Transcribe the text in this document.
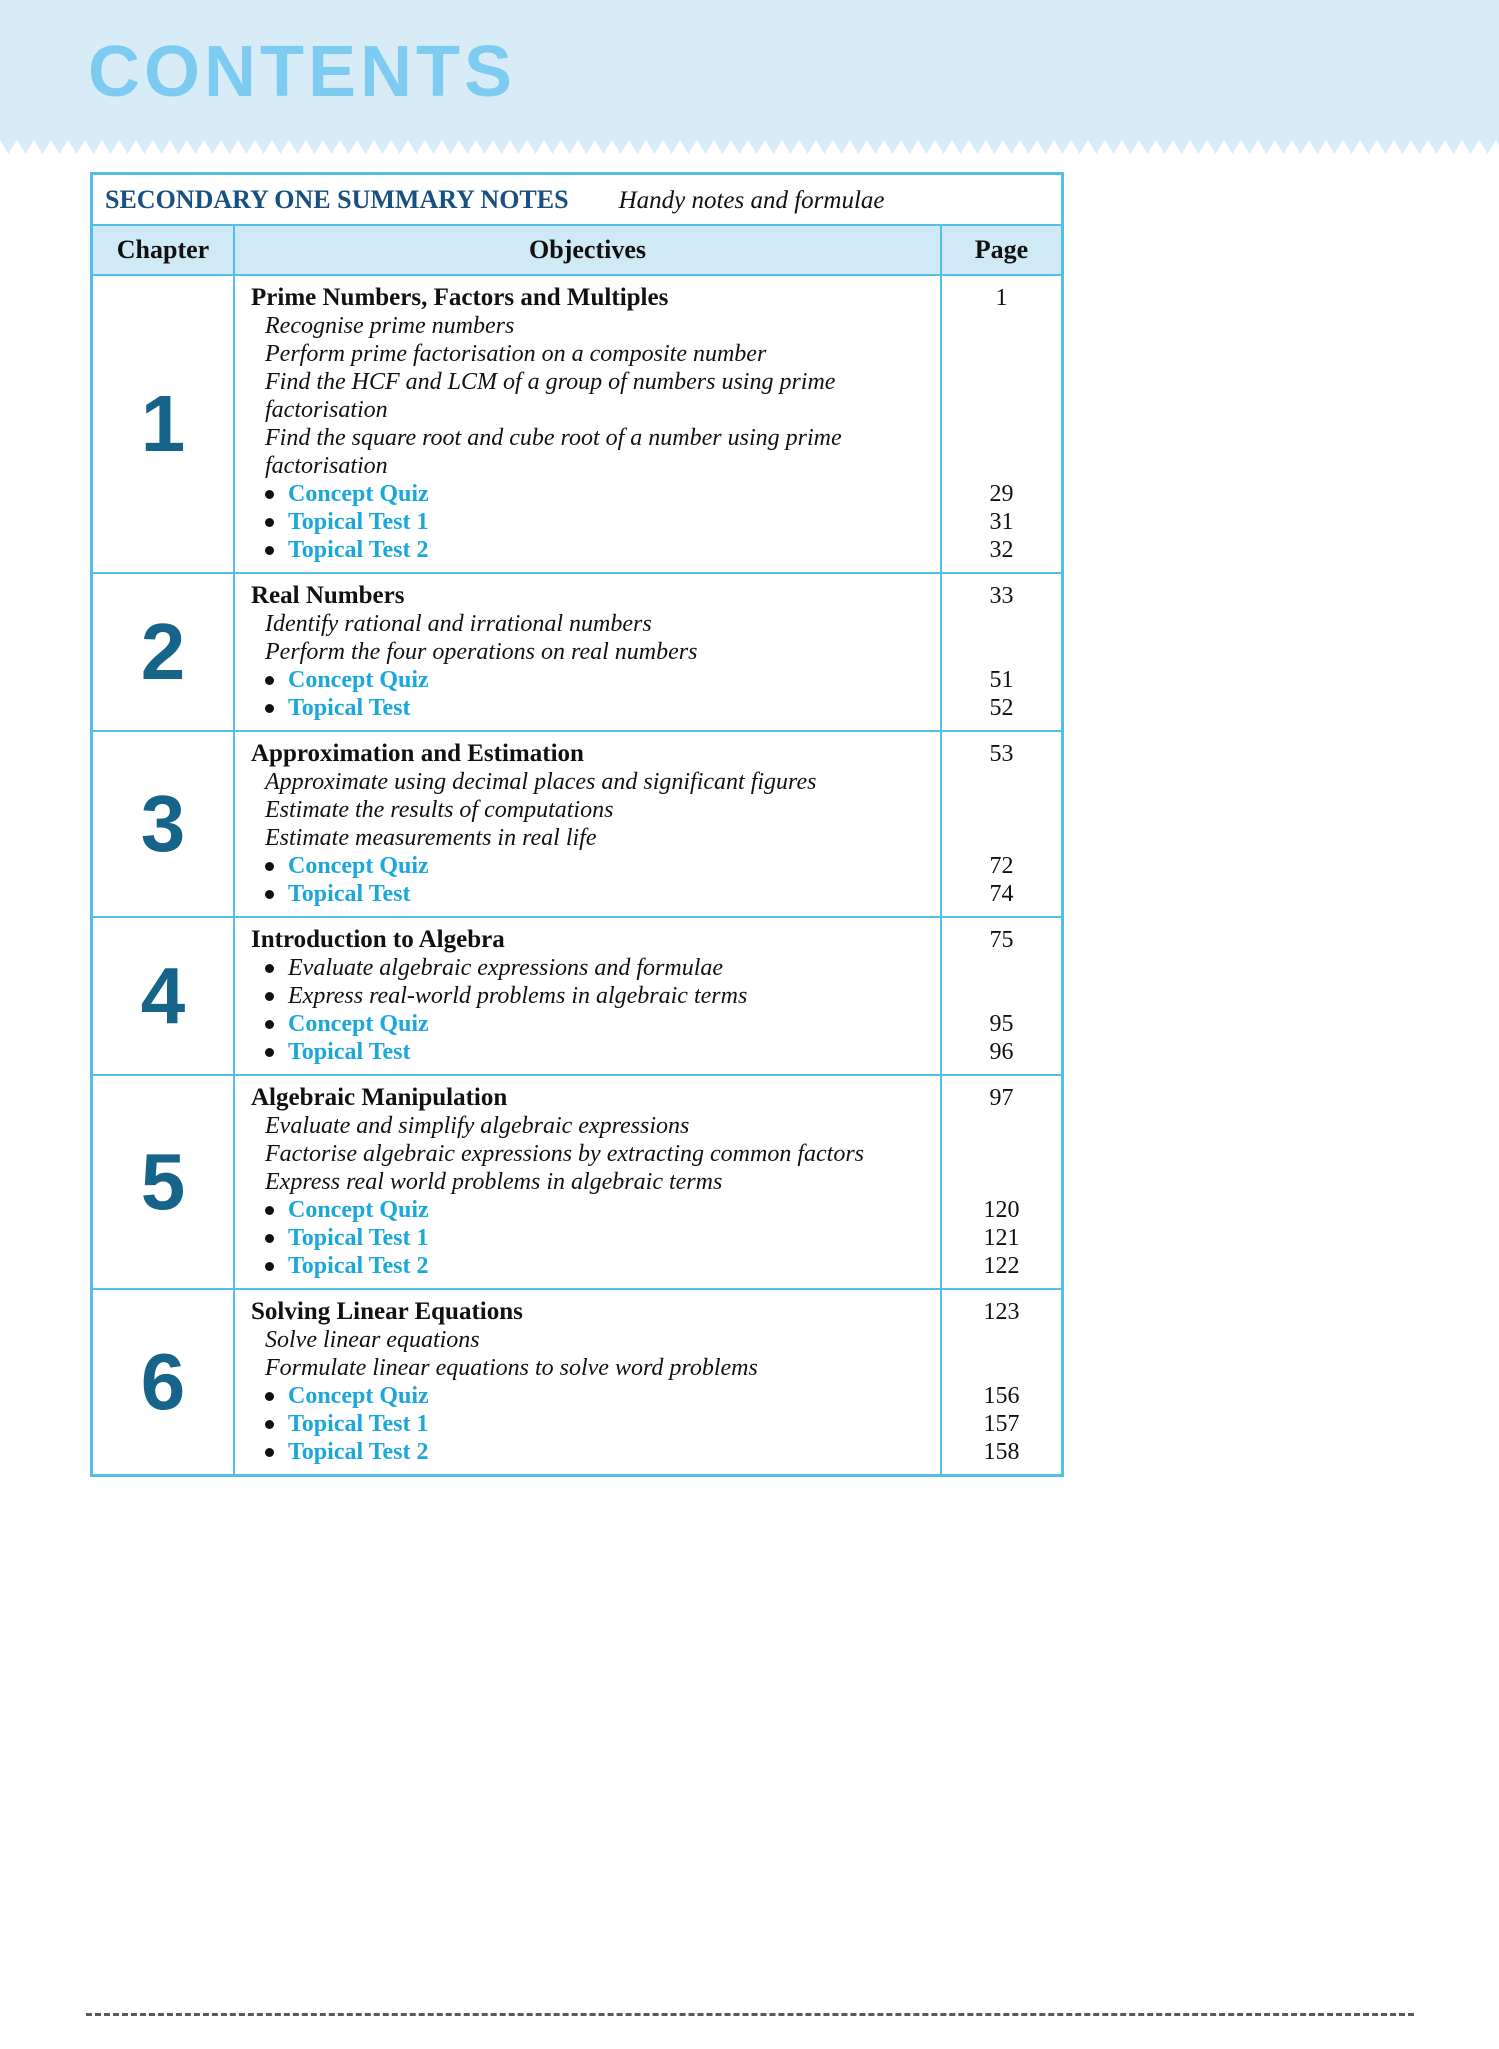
CONTENTS
SECONDARY ONE SUMMARY NOTES Handy notes and formulae
Chapter	Objectives	Page
1
Prime Numbers, Factors and Multiples
Recognise prime numbers
Perform prime factorisation on a composite number
Find the HCF and LCM of a group of numbers using prime
factorisation
Find the square root and cube root of a number using prime
factorisation
Concept Quiz
Topical Test 1
Topical Test 2
1
29
31
32
2
Real Numbers
Identify rational and irrational numbers
Perform the four operations on real numbers
Concept Quiz
Topical Test
33
51
52
3
Approximation and Estimation
Approximate using decimal places and significant figures
Estimate the results of computations
Estimate measurements in real life
Concept Quiz
Topical Test
53
72
74
4
Introduction to Algebra
Evaluate algebraic expressions and formulae
Express real-world problems in algebraic terms
Concept Quiz
Topical Test
75
95
96
5
Algebraic Manipulation
Evaluate and simplify algebraic expressions
Factorise algebraic expressions by extracting common factors
Express real world problems in algebraic terms
Concept Quiz
Topical Test 1
Topical Test 2
97
120
121
122
6
Solving Linear Equations
Solve linear equations
Formulate linear equations to solve word problems
Concept Quiz
Topical Test 1
Topical Test 2
123
156
157
158
